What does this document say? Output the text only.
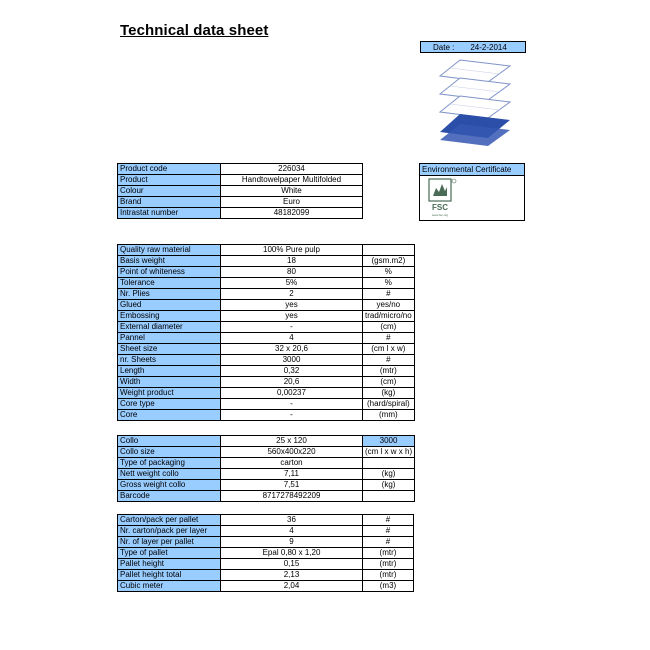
Technical data sheet
Date : 24-2-2014
Product code	226034
Product	Handtowelpaper Multifolded
Colour	White
Brand	Euro
Intrastat number	48182099
Environmental Certificate
FSC
www.fsc.org
Quality raw material	100% Pure pulp	
Basis weight	18	(gsm.m2)
Point of whiteness	80	%
Tolerance	5%	%
Nr. Plies	2	#
Glued	yes	yes/no
Embossing	yes	trad/micro/no
External diameter	-	(cm)
Pannel	4	#
Sheet size	32 x 20,6	(cm l x w)
nr. Sheets	3000	#
Length	0,32	(mtr)
Width	20,6	(cm)
Weight product	0,00237	(kg)
Core type	-	(hard/spiral)
Core	-	(mm)
Collo	25 x 120	3000
Collo size	560x400x220	(cm l x w x h)
Type of packaging	carton	
Nett weight collo	7,11	(kg)
Gross weight collo	7,51	(kg)
Barcode	8717278492209	
Carton/pack per pallet	36	#
Nr. carton/pack per layer	4	#
Nr. of layer per pallet	9	#
Type of pallet	Epal 0,80 x 1,20	(mtr)
Pallet height	0,15	(mtr)
Pallet height total	2,13	(mtr)
Cubic meter	2,04	(m3)
